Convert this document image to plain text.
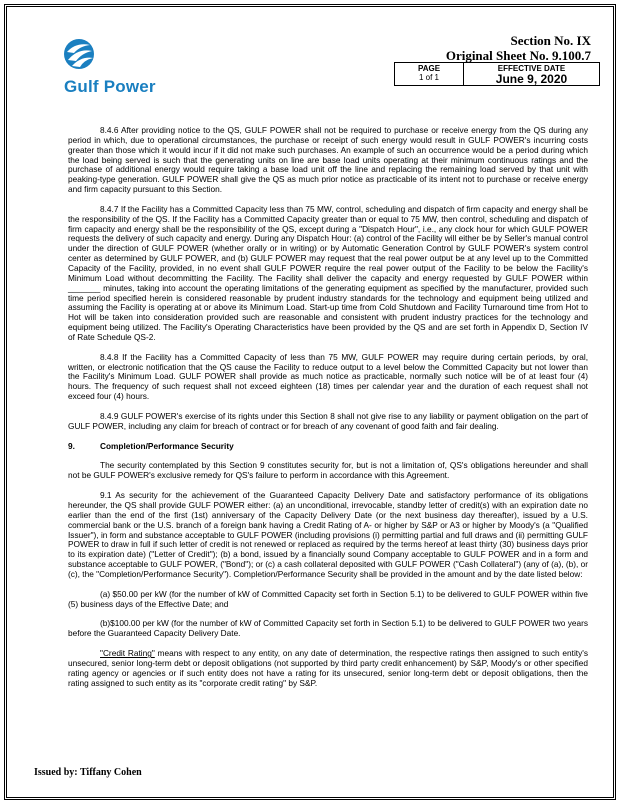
Gulf Power
Section No. IX
Original Sheet No. 9.100.7
PAGE
1 of 1
EFFECTIVE DATE
June 9, 2020

8.4.6 After providing notice to the QS, GULF POWER shall not be required to purchase or receive energy from the QS during any period in which, due to operational circumstances, the purchase or receipt of such energy would result in GULF POWER's incurring costs greater than those which it would incur if it did not make such purchases. An example of such an occurrence would be a period during which the load being served is such that the generating units on line are base load units operating at their minimum continuous ratings and the purchase of additional energy would require taking a base load unit off the line and replacing the remaining load served by that unit with peaking-type generation. GULF POWER shall give the QS as much prior notice as practicable of its intent not to purchase or receive energy and firm capacity pursuant to this Section.

8.4.7 If the Facility has a Committed Capacity less than 75 MW, control, scheduling and dispatch of firm capacity and energy shall be the responsibility of the QS. If the Facility has a Committed Capacity greater than or equal to 75 MW, then control, scheduling and dispatch of firm capacity and energy shall be the responsibility of the QS, except during a "Dispatch Hour", i.e., any clock hour for which GULF POWER requests the delivery of such capacity and energy. During any Dispatch Hour: (a) control of the Facility will either be by Seller's manual control under the direction of GULF POWER (whether orally or in writing) or by Automatic Generation Control by GULF POWER's system control center as determined by GULF POWER, and (b) GULF POWER may request that the real power output be at any level up to the Committed Capacity of the Facility, provided, in no event shall GULF POWER require the real power output of the Facility to be below the Facility's Minimum Load without decommitting the Facility. The Facility shall deliver the capacity and energy requested by GULF POWER within _______ minutes, taking into account the operating limitations of the generating equipment as specified by the manufacturer, provided such time period specified herein is considered reasonable by prudent industry standards for the technology and equipment being utilized and assuming the Facility is operating at or above its Minimum Load. Start-up time from Cold Shutdown and Facility Turnaround time from Hot to Hot will be taken into consideration provided such are reasonable and consistent with prudent industry practices for the technology and equipment being utilized. The Facility's Operating Characteristics have been provided by the QS and are set forth in Appendix D, Section IV of Rate Schedule QS-2.

8.4.8 If the Facility has a Committed Capacity of less than 75 MW, GULF POWER may require during certain periods, by oral, written, or electronic notification that the QS cause the Facility to reduce output to a level below the Committed Capacity but not lower than the Facility's Minimum Load. GULF POWER shall provide as much notice as practicable, normally such notice will be of at least four (4) hours. The frequency of such request shall not exceed eighteen (18) times per calendar year and the duration of each request shall not exceed four (4) hours.

8.4.9 GULF POWER's exercise of its rights under this Section 8 shall not give rise to any liability or payment obligation on the part of GULF POWER, including any claim for breach of contract or for breach of any covenant of good faith and fair dealing.

9.	Completion/Performance Security

The security contemplated by this Section 9 constitutes security for, but is not a limitation of, QS's obligations hereunder and shall not be GULF POWER's exclusive remedy for QS's failure to perform in accordance with this Agreement.

9.1 As security for the achievement of the Guaranteed Capacity Delivery Date and satisfactory performance of its obligations hereunder, the QS shall provide GULF POWER either: (a) an unconditional, irrevocable, standby letter of credit(s) with an expiration date no earlier than the end of the first (1st) anniversary of the Capacity Delivery Date (or the next business day thereafter), issued by a U.S. commercial bank or the U.S. branch of a foreign bank having a Credit Rating of A- or higher by S&P or A3 or higher by Moody's (a "Qualified Issuer"), in form and substance acceptable to GULF POWER (including provisions (i) permitting partial and full draws and (ii) permitting GULF POWER to draw in full if such letter of credit is not renewed or replaced as required by the terms hereof at least thirty (30) business days prior to its expiration date) ("Letter of Credit"); (b) a bond, issued by a financially sound Company acceptable to GULF POWER and in a form and substance acceptable to GULF POWER, ("Bond"); or (c) a cash collateral deposited with GULF POWER ("Cash Collateral") (any of (a), (b), or (c), the "Completion/Performance Security"). Completion/Performance Security shall be provided in the amount and by the date listed below:

(a) $50.00 per kW (for the number of kW of Committed Capacity set forth in Section 5.1) to be delivered to GULF POWER within five (5) business days of the Effective Date; and

(b)$100.00 per kW (for the number of kW of Committed Capacity set forth in Section 5.1) to be delivered to GULF POWER two years before the Guaranteed Capacity Delivery Date.

"Credit Rating" means with respect to any entity, on any date of determination, the respective ratings then assigned to such entity's unsecured, senior long-term debt or deposit obligations (not supported by third party credit enhancement) by S&P, Moody's or other specified rating agency or agencies or if such entity does not have a rating for its unsecured, senior long-term debt or deposit obligations, then the rating assigned to such entity as its "corporate credit rating" by S&P.

Issued by: Tiffany Cohen
